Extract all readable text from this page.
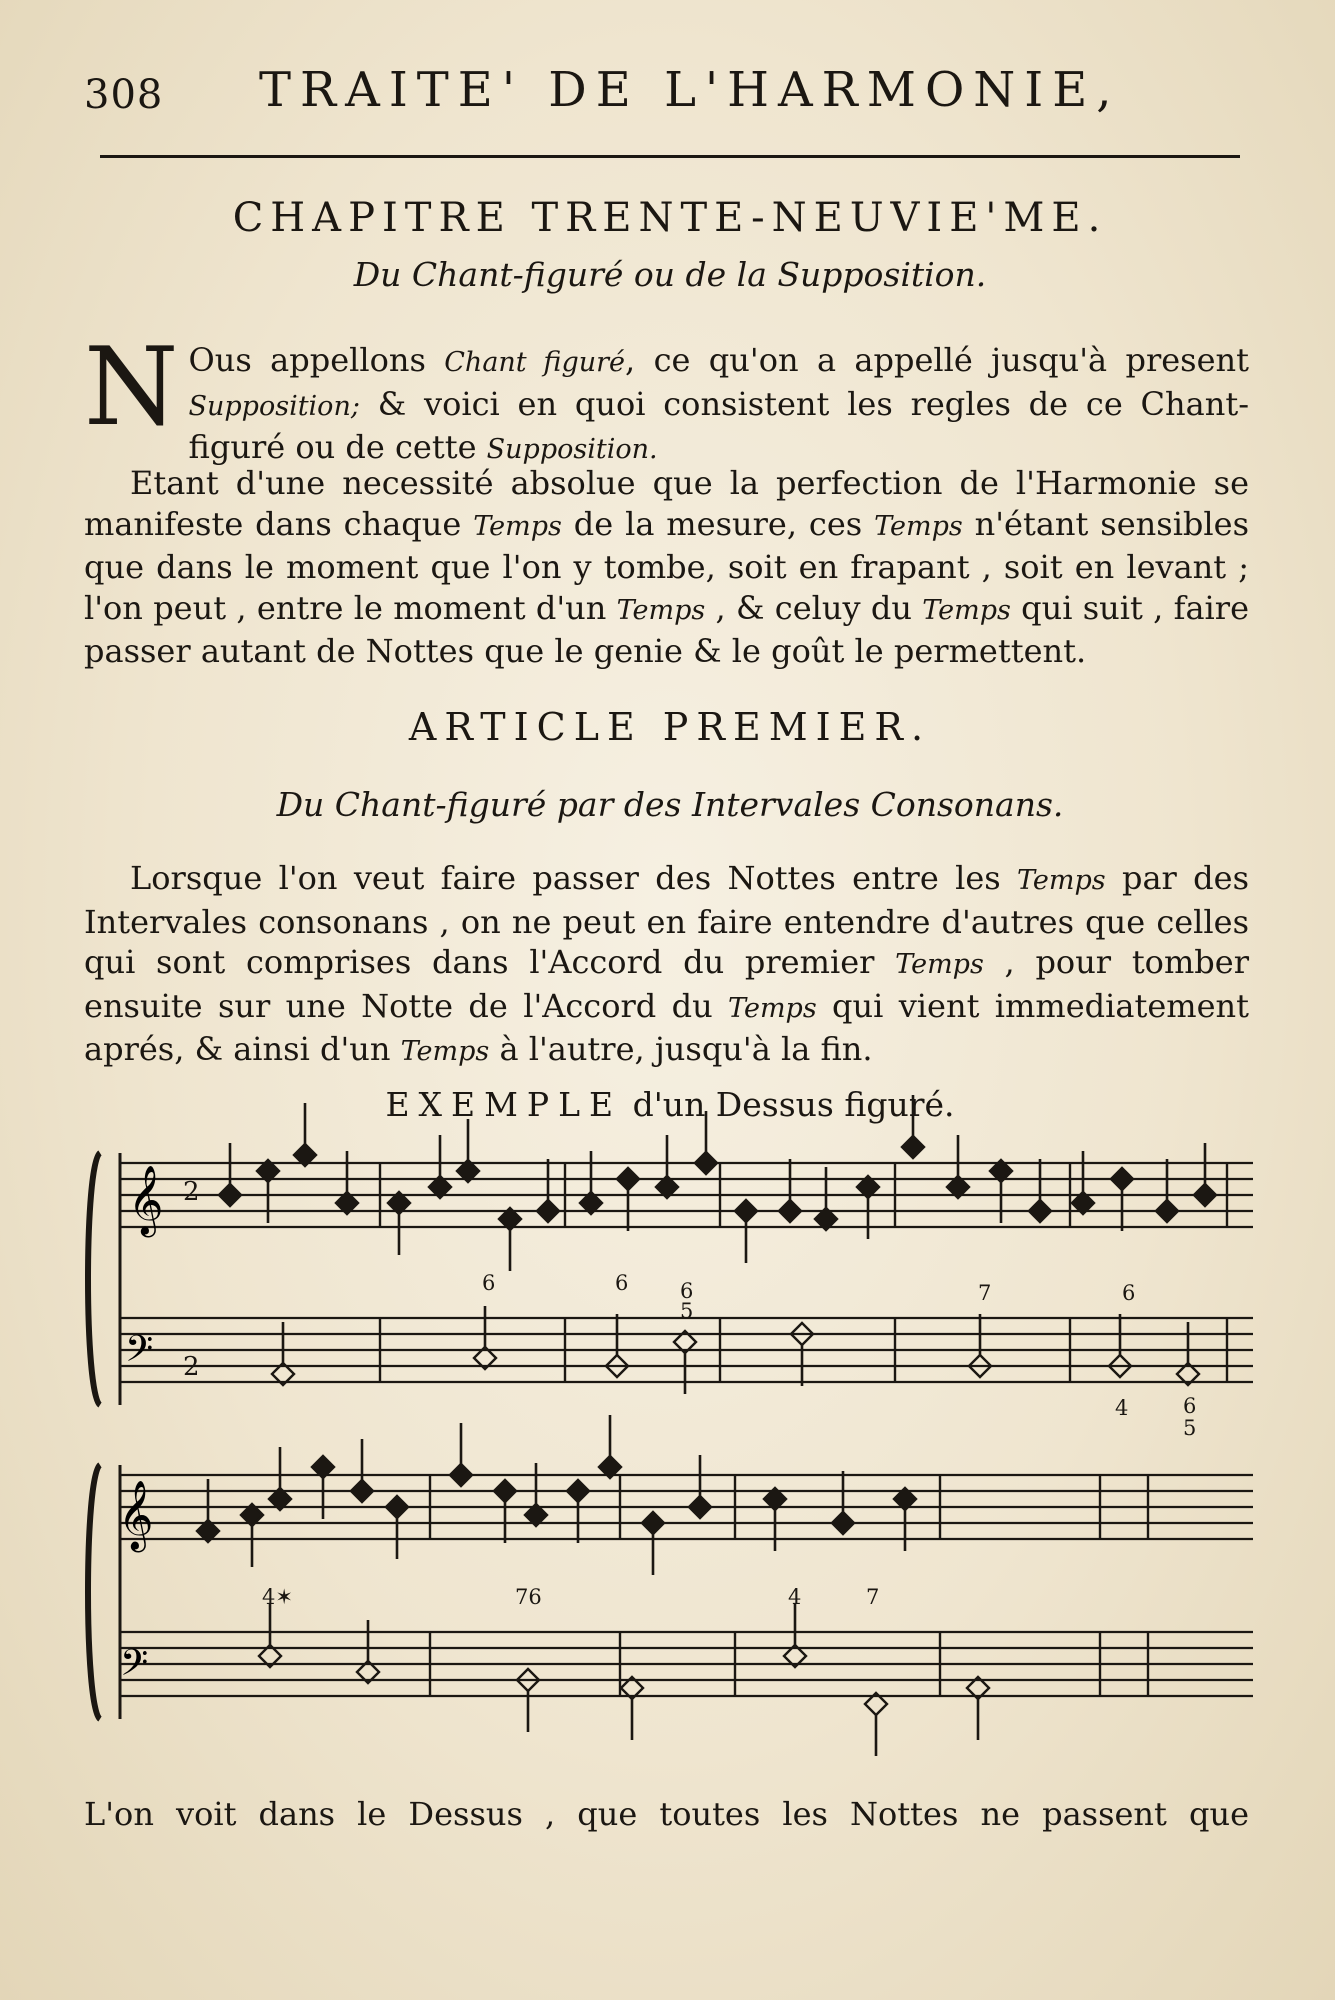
308 TRAITE' DE L'HARMONIE,
CHAPITRE TRENTE-NEUVIE'ME.
Du Chant-figuré ou de la Supposition.
N Ous appellons Chant figuré, ce qu'on a appellé jusqu'à present Supposition; & voici en quoi consistent les regles de ce Chant-figuré ou de cette Supposition.
Etant d'une necessité absolue que la perfection de l'Harmonie se manifeste dans chaque Temps de la mesure, ces Temps n'étant sensibles que dans le moment que l'on y tombe, soit en frapant , soit en levant ; l'on peut , entre le moment d'un Temps , & celuy du Temps qui suit , faire passer autant de Nottes que le genie & le goût le permettent.
ARTICLE PREMIER.
Du Chant-figuré par des Intervales Consonans.
Lorsque l'on veut faire passer des Nottes entre les Temps par des Intervales consonans , on ne peut en faire entendre d'autres que celles qui sont comprises dans l'Accord du premier Temps , pour tomber ensuite sur une Notte de l'Accord du Temps qui vient immediatement aprés, & ainsi d'un Temps à l'autre, jusqu'à la fin.
EXEMPLE d'un Dessus figuré.
𝄞
𝄢
2
2
𝄞
𝄢
6	6 6
5
7	6
4	6
5
4✶	76	4	7
L'on voit dans le Dessus , que toutes les Nottes ne passent que
